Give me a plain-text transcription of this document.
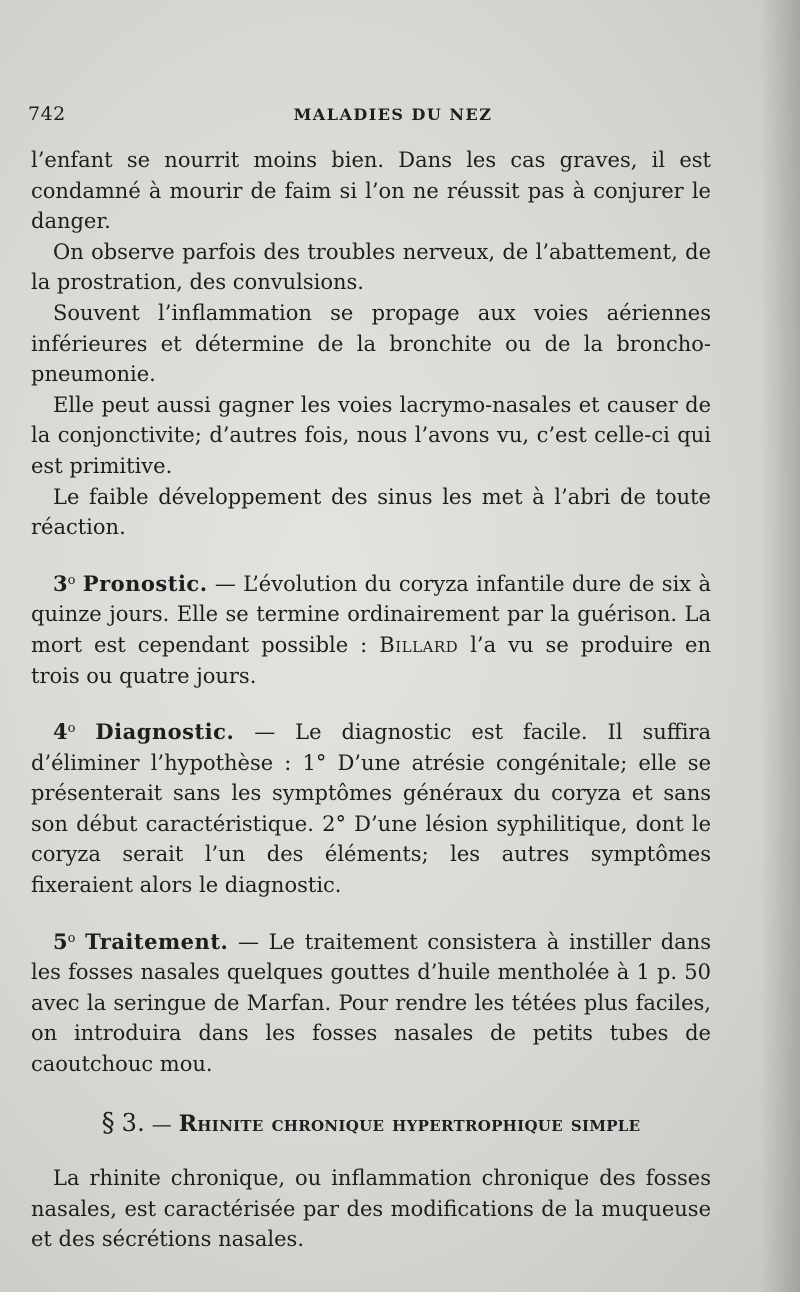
742	MALADIES DU NEZ

l’enfant se nourrit moins bien. Dans les cas graves, il est condamné à mourir de faim si l’on ne réussit pas à conjurer le danger.

On observe parfois des troubles nerveux, de l’abattement, de la prostration, des convulsions.

Souvent l’inflammation se propage aux voies aériennes inférieures et détermine de la bronchite ou de la broncho-pneumonie.

Elle peut aussi gagner les voies lacrymo-nasales et causer de la conjonctivite; d’autres fois, nous l’avons vu, c’est celle-ci qui est primitive.

Le faible développement des sinus les met à l’abri de toute réaction.

3$^o$ Pronostic. — L’évolution du coryza infantile dure de six à quinze jours. Elle se termine ordinairement par la guérison. La mort est cependant possible : Billard l’a vu se produire en trois ou quatre jours.

4$^o$ Diagnostic. — Le diagnostic est facile. Il suffira d’éliminer l’hypothèse : 1° D’une atrésie congénitale; elle se présenterait sans les symptômes généraux du coryza et sans son début caractéristique. 2° D’une lésion syphilitique, dont le coryza serait l’un des éléments; les autres symptômes fixeraient alors le diagnostic.

5$^o$ Traitement. — Le traitement consistera à instiller dans les fosses nasales quelques gouttes d’huile mentholée à 1 p. 50 avec la seringue de Marfan. Pour rendre les tétées plus faciles, on introduira dans les fosses nasales de petits tubes de caoutchouc mou.

§ 3. — Rhinite chronique hypertrophique simple

La rhinite chronique, ou inflammation chronique des fosses nasales, est caractérisée par des modifications de la muqueuse et des sécrétions nasales.
